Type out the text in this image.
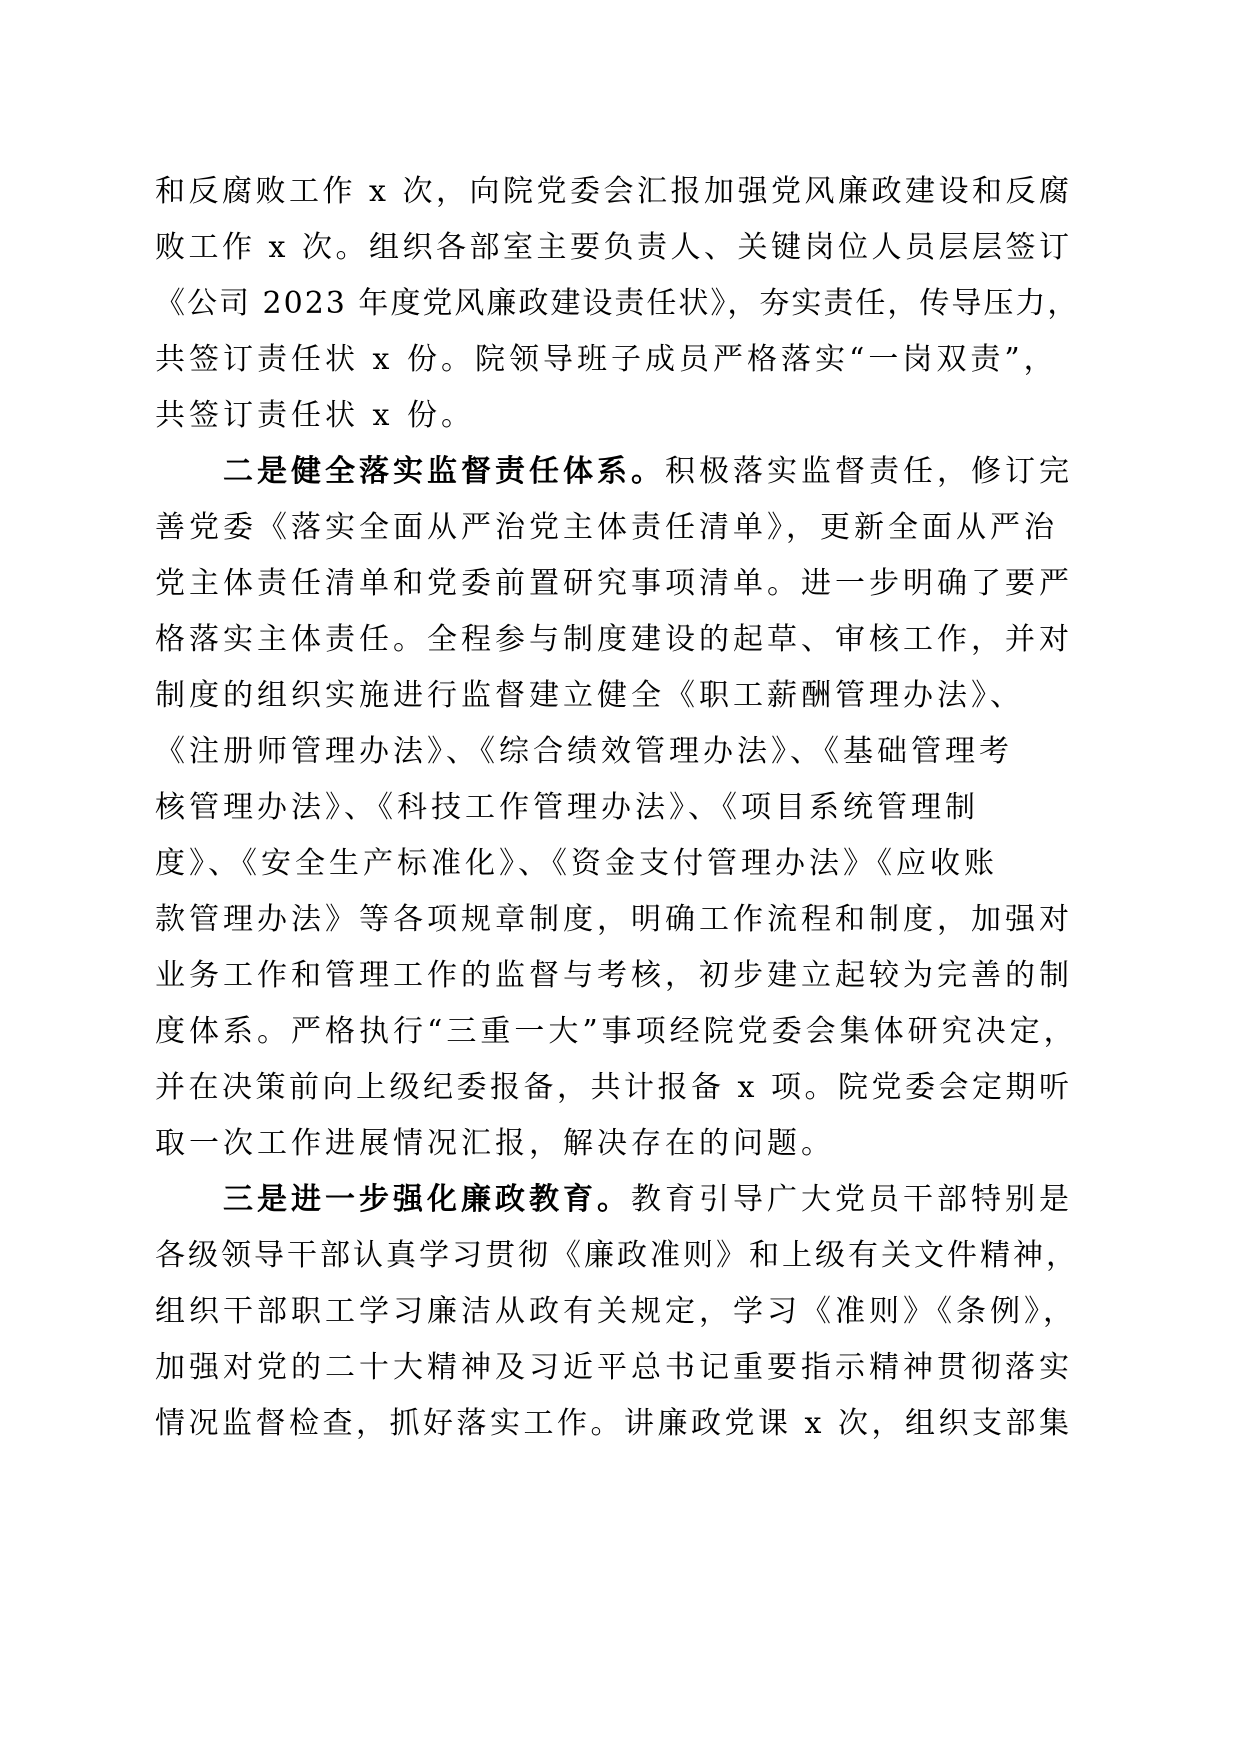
和反腐败工作 x 次，向院党委会汇报加强党风廉政建设和反腐
败工作 x 次。组织各部室主要负责人、关键岗位人员层层签订
《公司 2023 年度党风廉政建设责任状》，夯实责任，传导压力，
共签订责任状 x 份。院领导班子成员严格落实“一岗双责”，
共签订责任状 x 份。
二是健全落实监督责任体系。积极落实监督责任，修订完
善党委《落实全面从严治党主体责任清单》，更新全面从严治
党主体责任清单和党委前置研究事项清单。进一步明确了要严
格落实主体责任。全程参与制度建设的起草、审核工作，并对
制度的组织实施进行监督建立健全《职工薪酬管理办法》、
《注册师管理办法》、《综合绩效管理办法》、《基础管理考
核管理办法》、《科技工作管理办法》、《项目系统管理制
度》、《安全生产标准化》、《资金支付管理办法》《应收账
款管理办法》等各项规章制度，明确工作流程和制度，加强对
业务工作和管理工作的监督与考核，初步建立起较为完善的制
度体系。严格执行“三重一大”事项经院党委会集体研究决定，
并在决策前向上级纪委报备，共计报备 x 项。院党委会定期听
取一次工作进展情况汇报，解决存在的问题。
三是进一步强化廉政教育。教育引导广大党员干部特别是
各级领导干部认真学习贯彻《廉政准则》和上级有关文件精神，
组织干部职工学习廉洁从政有关规定，学习《准则》《条例》，
加强对党的二十大精神及习近平总书记重要指示精神贯彻落实
情况监督检查，抓好落实工作。讲廉政党课 x 次，组织支部集
